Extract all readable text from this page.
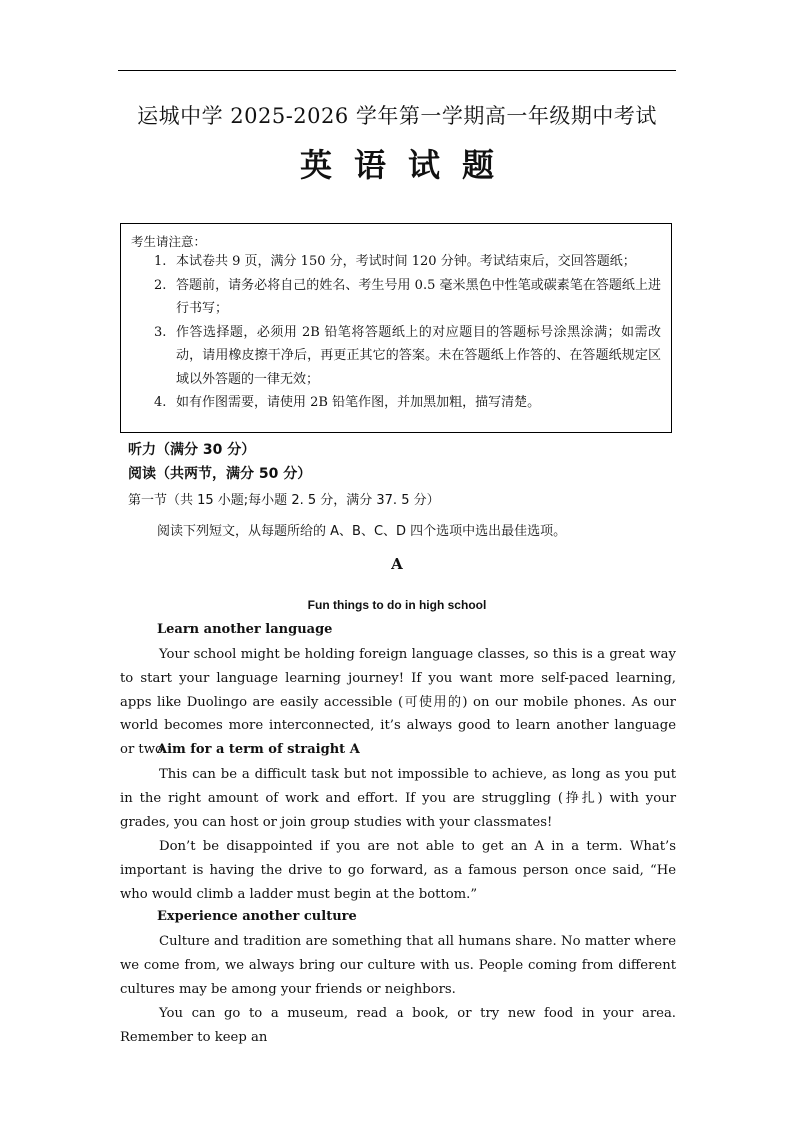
运城中学 2025-2026 学年第一学期高一年级期中考试
英语试题
考生请注意：
1. 本试卷共 9 页，满分 150 分，考试时间 120 分钟。考试结束后，交回答题纸；
2. 答题前，请务必将自己的姓名、考生号用 0.5 毫米黑色中性笔或碳素笔在答题纸上进行书写；
3. 作答选择题，必须用 2B 铅笔将答题纸上的对应题目的答题标号涂黑涂满；如需改动，请用橡皮擦干净后，再更正其它的答案。未在答题纸上作答的、在答题纸规定区域以外答题的一律无效；
4. 如有作图需要，请使用 2B 铅笔作图，并加黑加粗，描写清楚。
听力（满分 30 分）
阅读（共两节，满分 50 分）
第一节（共 15 小题;每小题 2. 5 分，满分 37. 5 分）
阅读下列短文，从每题所给的 A、B、C、D 四个选项中选出最佳选项。
A
Fun things to do in high school
Learn another language
Your school might be holding foreign language classes, so this is a great way to start your language learning journey! If you want more self-paced learning, apps like Duolingo are easily accessible (可使用的) on our mobile phones. As our world becomes more interconnected, it’s always good to learn another language or two.
Aim for a term of straight A
This can be a difficult task but not impossible to achieve, as long as you put in the right amount of work and effort. If you are struggling (挣扎) with your grades, you can host or join group studies with your classmates!
Don’t be disappointed if you are not able to get an A in a term. What’s important is having the drive to go forward, as a famous person once said, “He who would climb a ladder must begin at the bottom.”
Experience another culture
Culture and tradition are something that all humans share. No matter where we come from, we always bring our culture with us. People coming from different cultures may be among your friends or neighbors.
You can go to a museum, read a book, or try new food in your area. Remember to keep an
